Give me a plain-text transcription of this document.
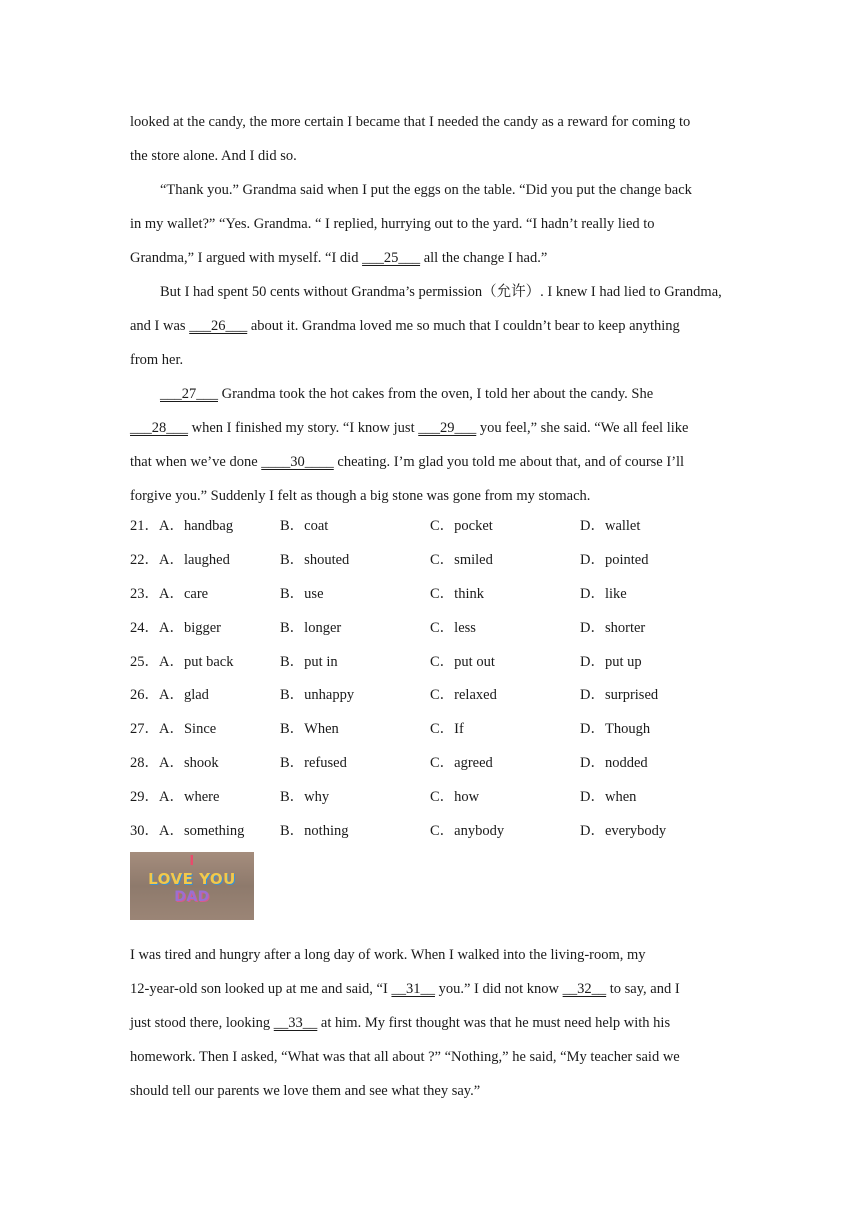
looked at the candy, the more certain I became that I needed the candy as a reward for coming to
the store alone. And I did so.
“Thank you.” Grandma said when I put the eggs on the table. “Did you put the change back
in my wallet?” “Yes. Grandma. “ I replied, hurrying out to the yard. “I hadn’t really lied to
Grandma,” I argued with myself. “I did ___25___ all the change I had.”
But I had spent 50 cents without Grandma’s permission（允许）. I knew I had lied to Grandma,
and I was ___26___ about it. Grandma loved me so much that I couldn’t bear to keep anything
from her.
___27___ Grandma took the hot cakes from the oven, I told her about the candy. She
___28___ when I finished my story. “I know just ___29___ you feel,” she said. “We all feel like
that when we’ve done ____30____ cheating. I’m glad you told me about that, and of course I’ll
forgive you.” Suddenly I felt as though a big stone was gone from my stomach.
21．A．handbag	B．coat	C．pocket	D．wallet
22．A．laughed	B．shouted	C．smiled	D．pointed
23．A．care	B．use	C．think	D．like
24．A．bigger	B．longer	C．less	D．shorter
25．A．put back	B．put in	C．put out	D．put up
26．A．glad	B．unhappy	C．relaxed	D．surprised
27．A．Since	B．When	C．If	D．Though
28．A．shook	B．refused	C．agreed	D．nodded
29．A．where	B．why	C．how	D．when
30．A．something B．nothing	C．anybody	D．everybody
I
LOVE YOU
DAD
I was tired and hungry after a long day of work. When I walked into the living-room, my
12-year-old son looked up at me and said, “I __31__ you.” I did not know __32__ to say, and I
just stood there, looking __33__ at him. My first thought was that he must need help with his
homework. Then I asked, “What was that all about ?” “Nothing,” he said, “My teacher said we
should tell our parents we love them and see what they say.”
